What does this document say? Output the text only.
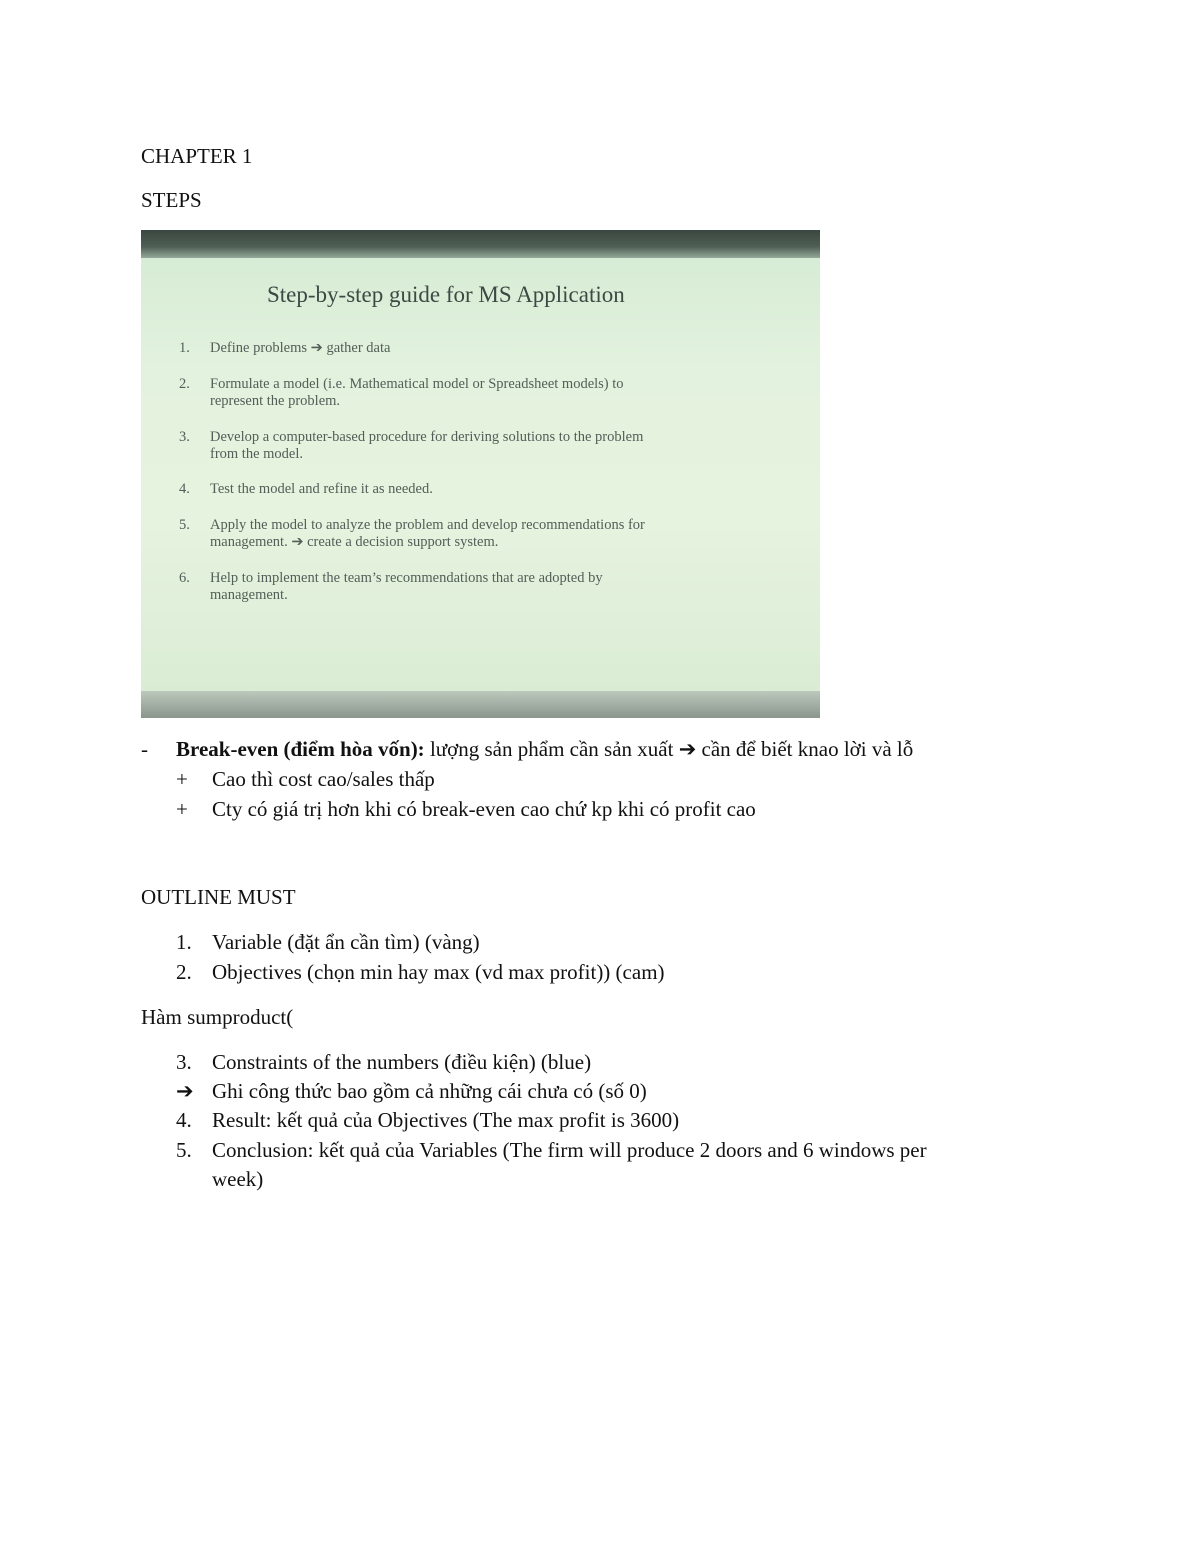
CHAPTER 1
STEPS
Step-by-step guide for MS Application
1. Define problems ➔ gather data
2. Formulate a model (i.e. Mathematical model or Spreadsheet models) to
represent the problem.
3. Develop a computer-based procedure for deriving solutions to the problem
from the model.
4. Test the model and refine it as needed.
5. Apply the model to analyze the problem and develop recommendations for
management. ➔ create a decision support system.
6. Help to implement the team’s recommendations that are adopted by
management.
- Break-even (điểm hòa vốn): lượng sản phẩm cần sản xuất ➔ cần để biết knao lời và lỗ
+ Cao thì cost cao/sales thấp
+ Cty có giá trị hơn khi có break-even cao chứ kp khi có profit cao
OUTLINE MUST
1. Variable (đặt ẩn cần tìm) (vàng)
2. Objectives (chọn min hay max (vd max profit)) (cam)
Hàm sumproduct(
3. Constraints of the numbers (điều kiện) (blue)
➔ Ghi công thức bao gồm cả những cái chưa có (số 0)
4. Result: kết quả của Objectives (The max profit is 3600)
5. Conclusion: kết quả của Variables (The firm will produce 2 doors and 6 windows per
week)
